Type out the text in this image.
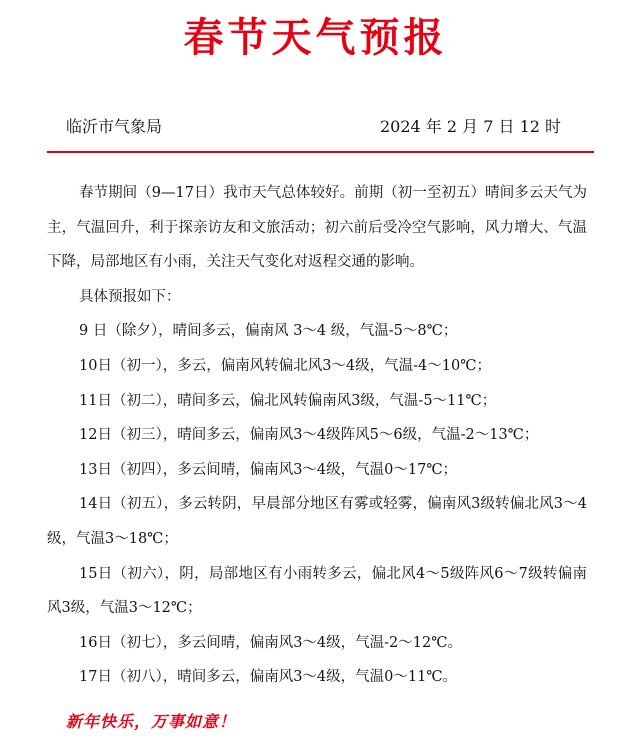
春节天气预报
临沂市气象局	2024 年 2 月 7 日 12 时

春节期间（9—17日）我市天气总体较好。前期（初一至初五）晴间多云天气为主，气温回升，利于探亲访友和文旅活动；初六前后受冷空气影响，风力增大、气温下降，局部地区有小雨，关注天气变化对返程交通的影响。

具体预报如下：

9 日（除夕），晴间多云，偏南风 3～4 级，气温-5～8℃；

10日（初一），多云，偏南风转偏北风3～4级，气温-4～10℃；

11日（初二），晴间多云，偏北风转偏南风3级，气温-5～11℃；

12日（初三），晴间多云，偏南风3～4级阵风5～6级，气温-2～13℃；

13日（初四），多云间晴，偏南风3～4级，气温0～17℃；

14日（初五），多云转阴，早晨部分地区有雾或轻雾，偏南风3级转偏北风3～4级，气温3～18℃；

15日（初六），阴，局部地区有小雨转多云，偏北风4～5级阵风6～7级转偏南风3级，气温3～12℃；

16日（初七），多云间晴，偏南风3～4级，气温-2～12℃。

17日（初八），晴间多云，偏南风3～4级，气温0～11℃。

新年快乐，万事如意！
